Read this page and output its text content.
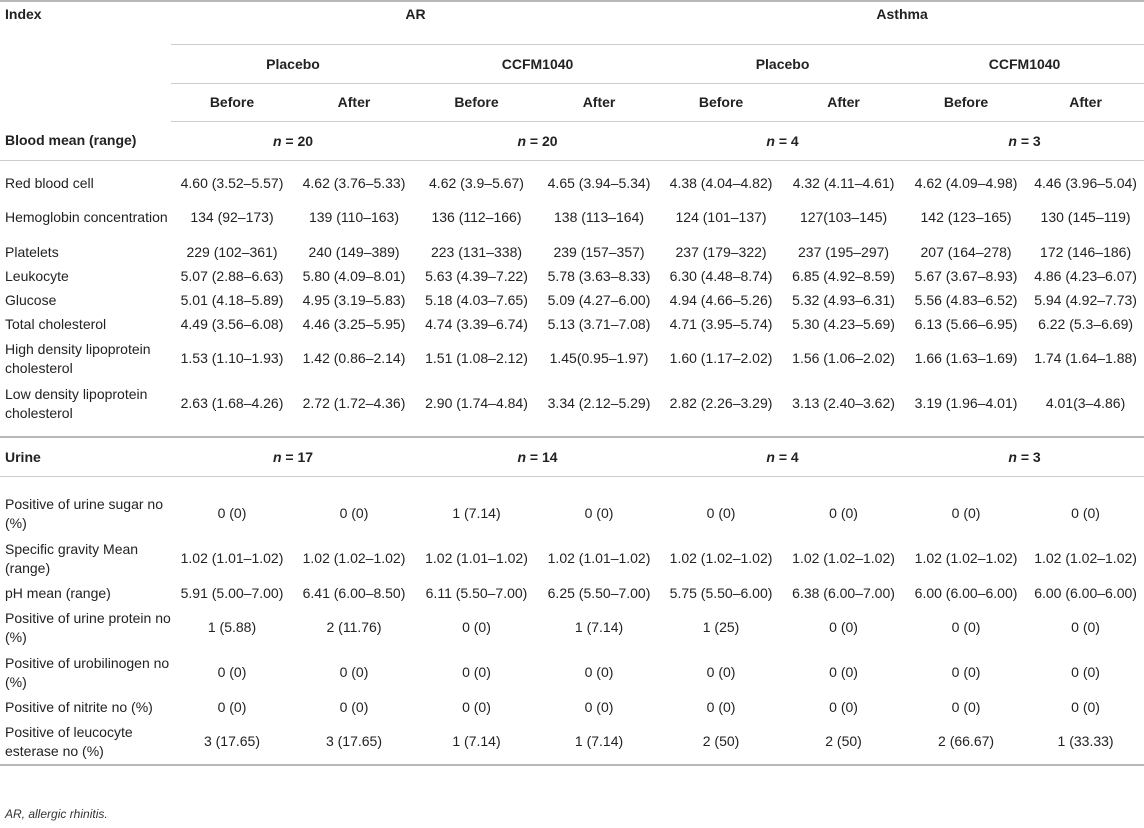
Index	AR				Asthma			
	Placebo		CCFM1040		Placebo		CCFM1040	
	Before	After	Before	After	Before	After	Before	After
Blood mean (range)	n = 20		n = 20		n = 4		n = 3	

Red blood cell	4.60 (3.52–5.57)	4.62 (3.76–5.33)	4.62 (3.9–5.67)	4.65 (3.94–5.34)	4.38 (4.04–4.82)	4.32 (4.11–4.61)	4.62 (4.09–4.98)	4.46 (3.96–5.04)
Hemoglobin concentration	134 (92–173)	139 (110–163)	136 (112–166)	138 (113–164)	124 (101–137)	127(103–145)	142 (123–165)	130 (145–119)
Platelets	229 (102–361)	240 (149–389)	223 (131–338)	239 (157–357)	237 (179–322)	237 (195–297)	207 (164–278)	172 (146–186)
Leukocyte	5.07 (2.88–6.63)	5.80 (4.09–8.01)	5.63 (4.39–7.22)	5.78 (3.63–8.33)	6.30 (4.48–8.74)	6.85 (4.92–8.59)	5.67 (3.67–8.93)	4.86 (4.23–6.07)
Glucose	5.01 (4.18–5.89)	4.95 (3.19–5.83)	5.18 (4.03–7.65)	5.09 (4.27–6.00)	4.94 (4.66–5.26)	5.32 (4.93–6.31)	5.56 (4.83–6.52)	5.94 (4.92–7.73)
Total cholesterol	4.49 (3.56–6.08)	4.46 (3.25–5.95)	4.74 (3.39–6.74)	5.13 (3.71–7.08)	4.71 (3.95–5.74)	5.30 (4.23–5.69)	6.13 (5.66–6.95)	6.22 (5.3–6.69)
High density lipoprotein cholesterol	1.53 (1.10–1.93)	1.42 (0.86–2.14)	1.51 (1.08–2.12)	1.45(0.95–1.97)	1.60 (1.17–2.02)	1.56 (1.06–2.02)	1.66 (1.63–1.69)	1.74 (1.64–1.88)
Low density lipoprotein cholesterol	2.63 (1.68–4.26)	2.72 (1.72–4.36)	2.90 (1.74–4.84)	3.34 (2.12–5.29)	2.82 (2.26–3.29)	3.13 (2.40–3.62)	3.19 (1.96–4.01)	4.01(3–4.86)

Urine	n = 17		n = 14		n = 4		n = 3	

Positive of urine sugar no (%)	0 (0)	0 (0)	1 (7.14)	0 (0)	0 (0)	0 (0)	0 (0)	0 (0)
Specific gravity Mean (range)	1.02 (1.01–1.02)	1.02 (1.02–1.02)	1.02 (1.01–1.02)	1.02 (1.01–1.02)	1.02 (1.02–1.02)	1.02 (1.02–1.02)	1.02 (1.02–1.02)	1.02 (1.02–1.02)
pH mean (range)	5.91 (5.00–7.00)	6.41 (6.00–8.50)	6.11 (5.50–7.00)	6.25 (5.50–7.00)	5.75 (5.50–6.00)	6.38 (6.00–7.00)	6.00 (6.00–6.00)	6.00 (6.00–6.00)
Positive of urine protein no (%)	1 (5.88)	2 (11.76)	0 (0)	1 (7.14)	1 (25)	0 (0)	0 (0)	0 (0)
Positive of urobilinogen no (%)	0 (0)	0 (0)	0 (0)	0 (0)	0 (0)	0 (0)	0 (0)	0 (0)
Positive of nitrite no (%)	0 (0)	0 (0)	0 (0)	0 (0)	0 (0)	0 (0)	0 (0)	0 (0)
Positive of leucocyte esterase no (%)	3 (17.65)	3 (17.65)	1 (7.14)	1 (7.14)	2 (50)	2 (50)	2 (66.67)	1 (33.33)
AR, allergic rhinitis.
